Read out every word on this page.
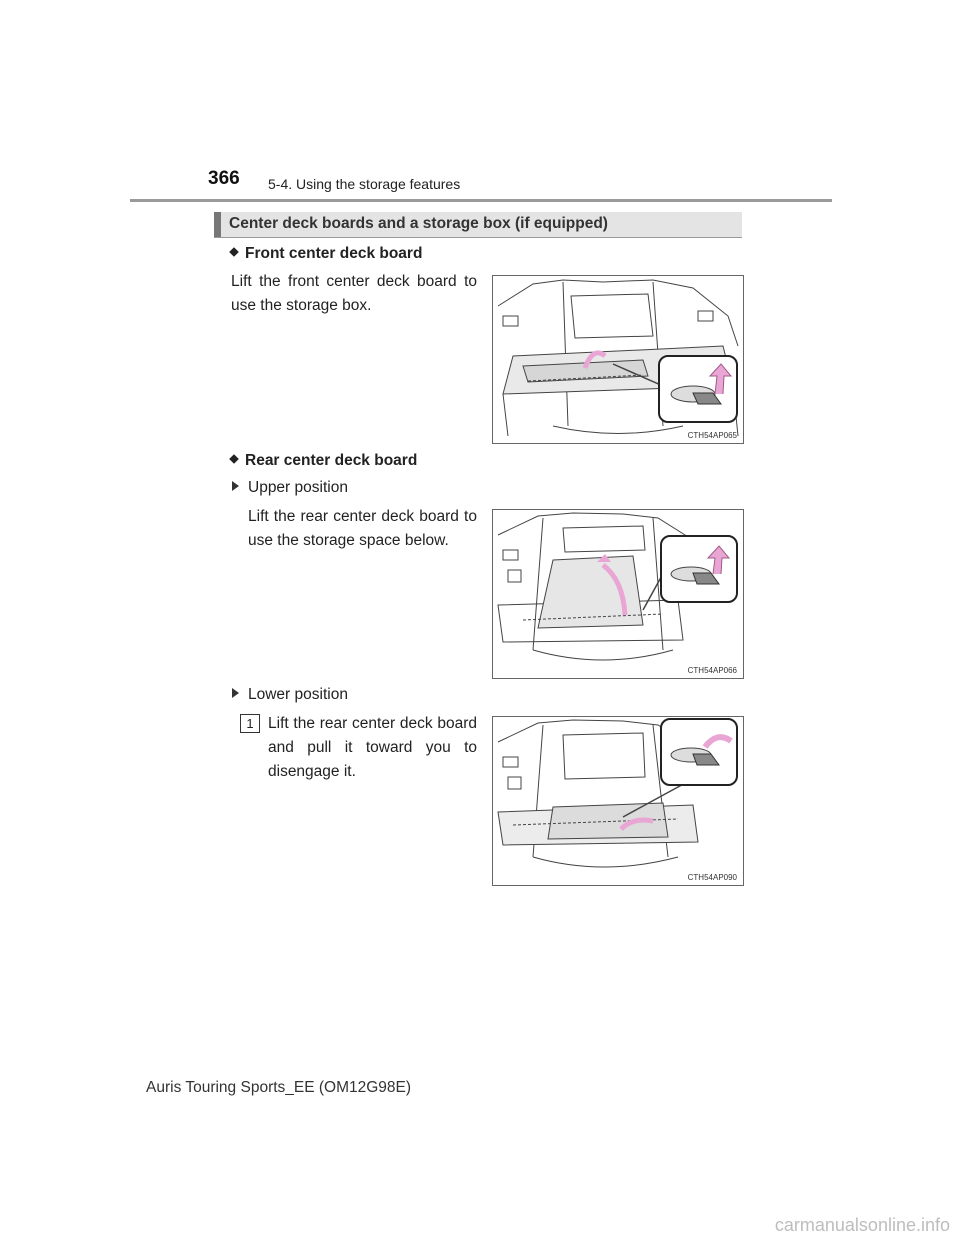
366 5-4. Using the storage features
Center deck boards and a storage box (if equipped)
Front center deck board
Lift the front center deck board to use the storage box.
CTH54AP065
Rear center deck board
Upper position
Lift the rear center deck board to use the storage space below.
CTH54AP066
Lower position
1 Lift the rear center deck board and pull it toward you to disengage it.
CTH54AP090
Auris Touring Sports_EE (OM12G98E)
carmanualsonline.info
